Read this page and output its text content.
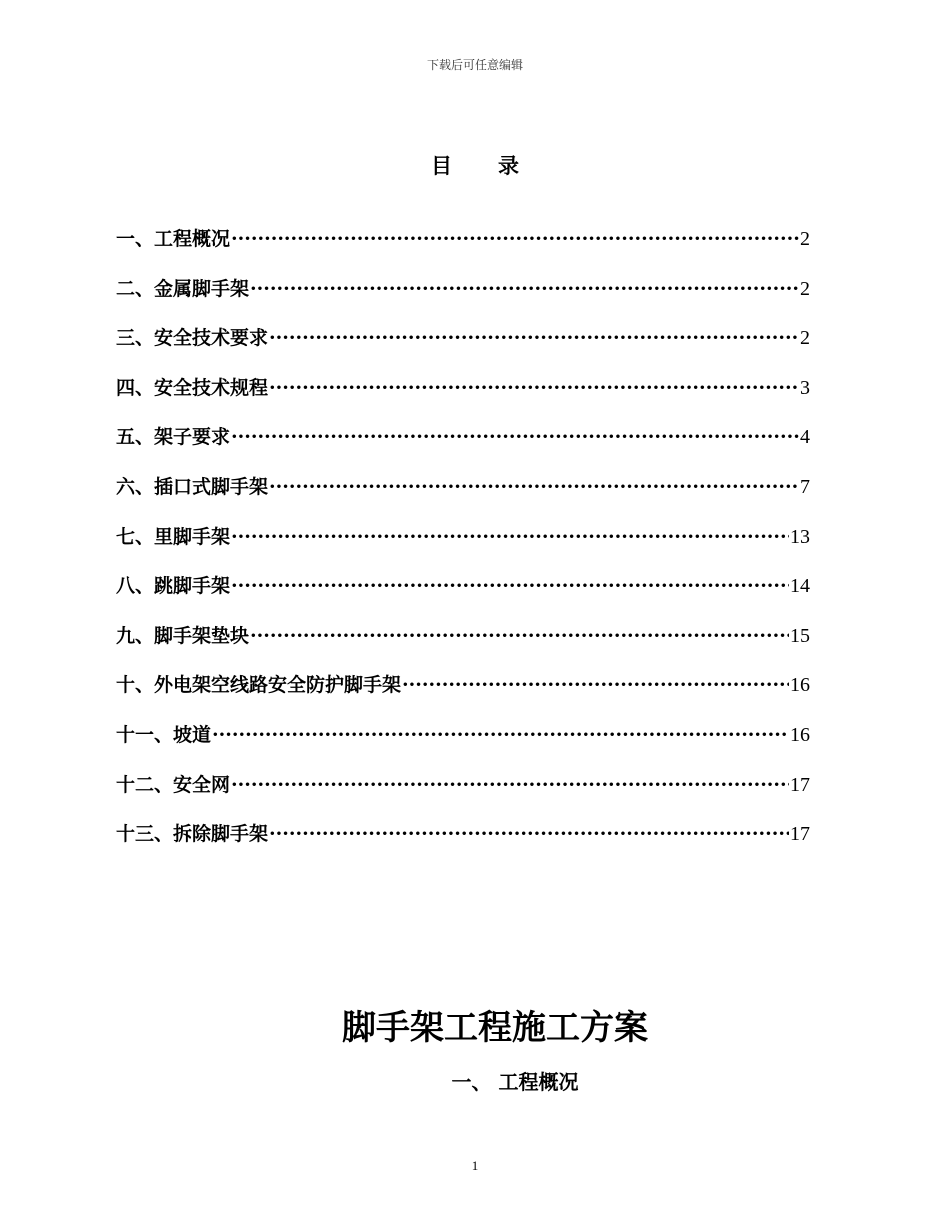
下载后可任意编辑
目 录
一、工程概况 ·····	2
二、金属脚手架 ·····	2
三、安全技术要求 ·····	2
四、安全技术规程 ·····	3
五、架子要求 ·····	4
六、插口式脚手架 ·····	7
七、里脚手架 ·····	13
八、跳脚手架 ·····	14
九、脚手架垫块 ·····	15
十、外电架空线路安全防护脚手架 ·····	16
十一、坡道 ·····	16
十二、安全网 ·····	17
十三、拆除脚手架 ·····	17
脚手架工程施工方案
一、 工程概况
1
